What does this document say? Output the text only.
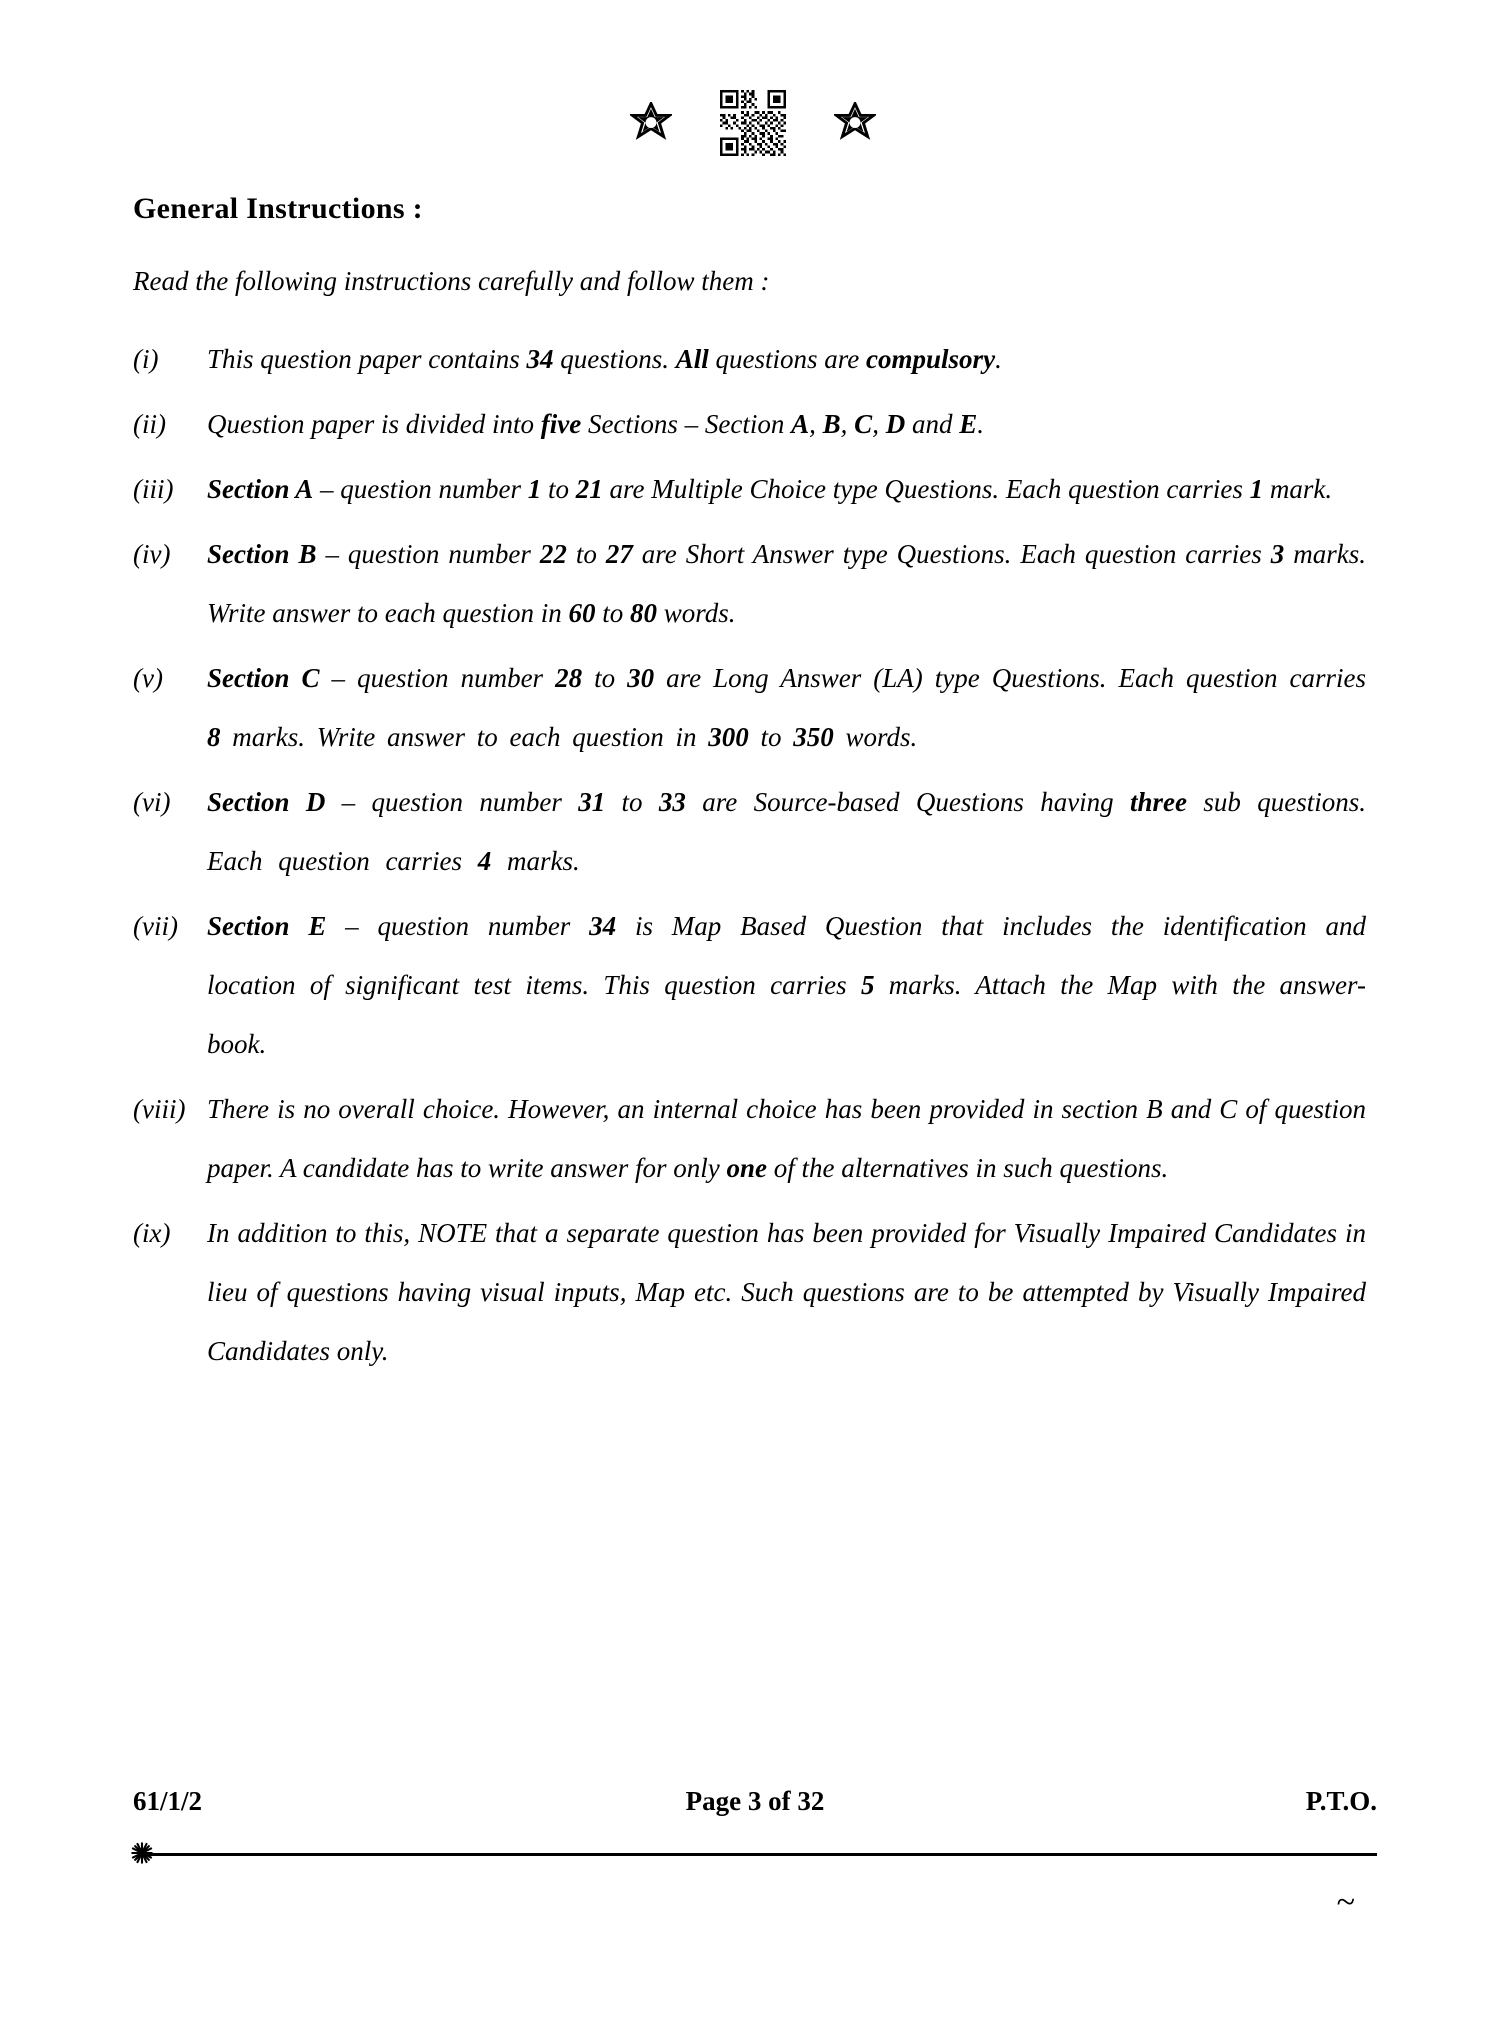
General Instructions :
Read the following instructions carefully and follow them :
(i)	This question paper contains 34 questions. All questions are compulsory.
(ii)	Question paper is divided into five Sections – Section A, B, C, D and E.
(iii)	Section A – question number 1 to 21 are Multiple Choice type Questions. Each question carries 1 mark.
(iv)	Section B – question number 22 to 27 are Short Answer type Questions. Each question carries 3 marks. Write answer to each question in 60 to 80 words.
(v)	Section C – question number 28 to 30 are Long Answer (LA) type Questions. Each question carries 8 marks. Write answer to each question in 300 to 350 words.
(vi)	Section D – question number 31 to 33 are Source-based Questions having three sub questions. Each question carries 4 marks.
(vii)	Section E – question number 34 is Map Based Question that includes the identification and location of significant test items. This question carries 5 marks. Attach the Map with the answer-book.
(viii) There is no overall choice. However, an internal choice has been provided in section B and C of question paper. A candidate has to write answer for only one of the alternatives in such questions.
(ix)	In addition to this, NOTE that a separate question has been provided for Visually Impaired Candidates in lieu of questions having visual inputs, Map etc. Such questions are to be attempted by Visually Impaired Candidates only.
61/1/2	Page 3 of 32	P.T.O.
~
